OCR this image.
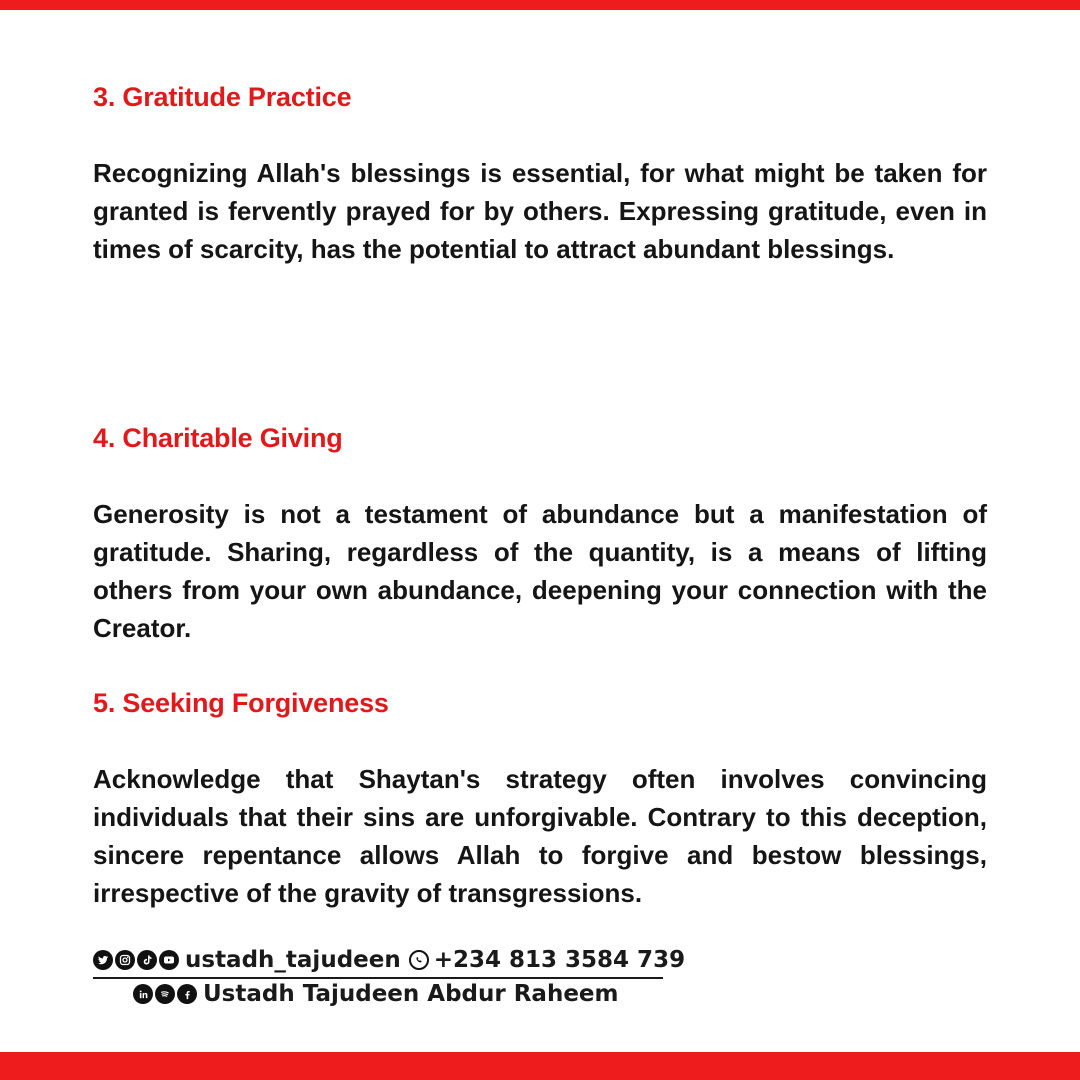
3. Gratitude Practice

Recognizing Allah's blessings is essential, for what might be taken for granted is fervently prayed for by others. Expressing gratitude, even in times of scarcity, has the potential to attract abundant blessings.

4. Charitable Giving

Generosity is not a testament of abundance but a manifestation of gratitude. Sharing, regardless of the quantity, is a means of lifting others from your own abundance, deepening your connection with the Creator.

5. Seeking Forgiveness

Acknowledge that Shaytan's strategy often involves convincing individuals that their sins are unforgivable. Contrary to this deception, sincere repentance allows Allah to forgive and bestow blessings, irrespective of the gravity of transgressions.

ustadh_tajudeen +234 813 3584 739
Ustadh Tajudeen Abdur Raheem
